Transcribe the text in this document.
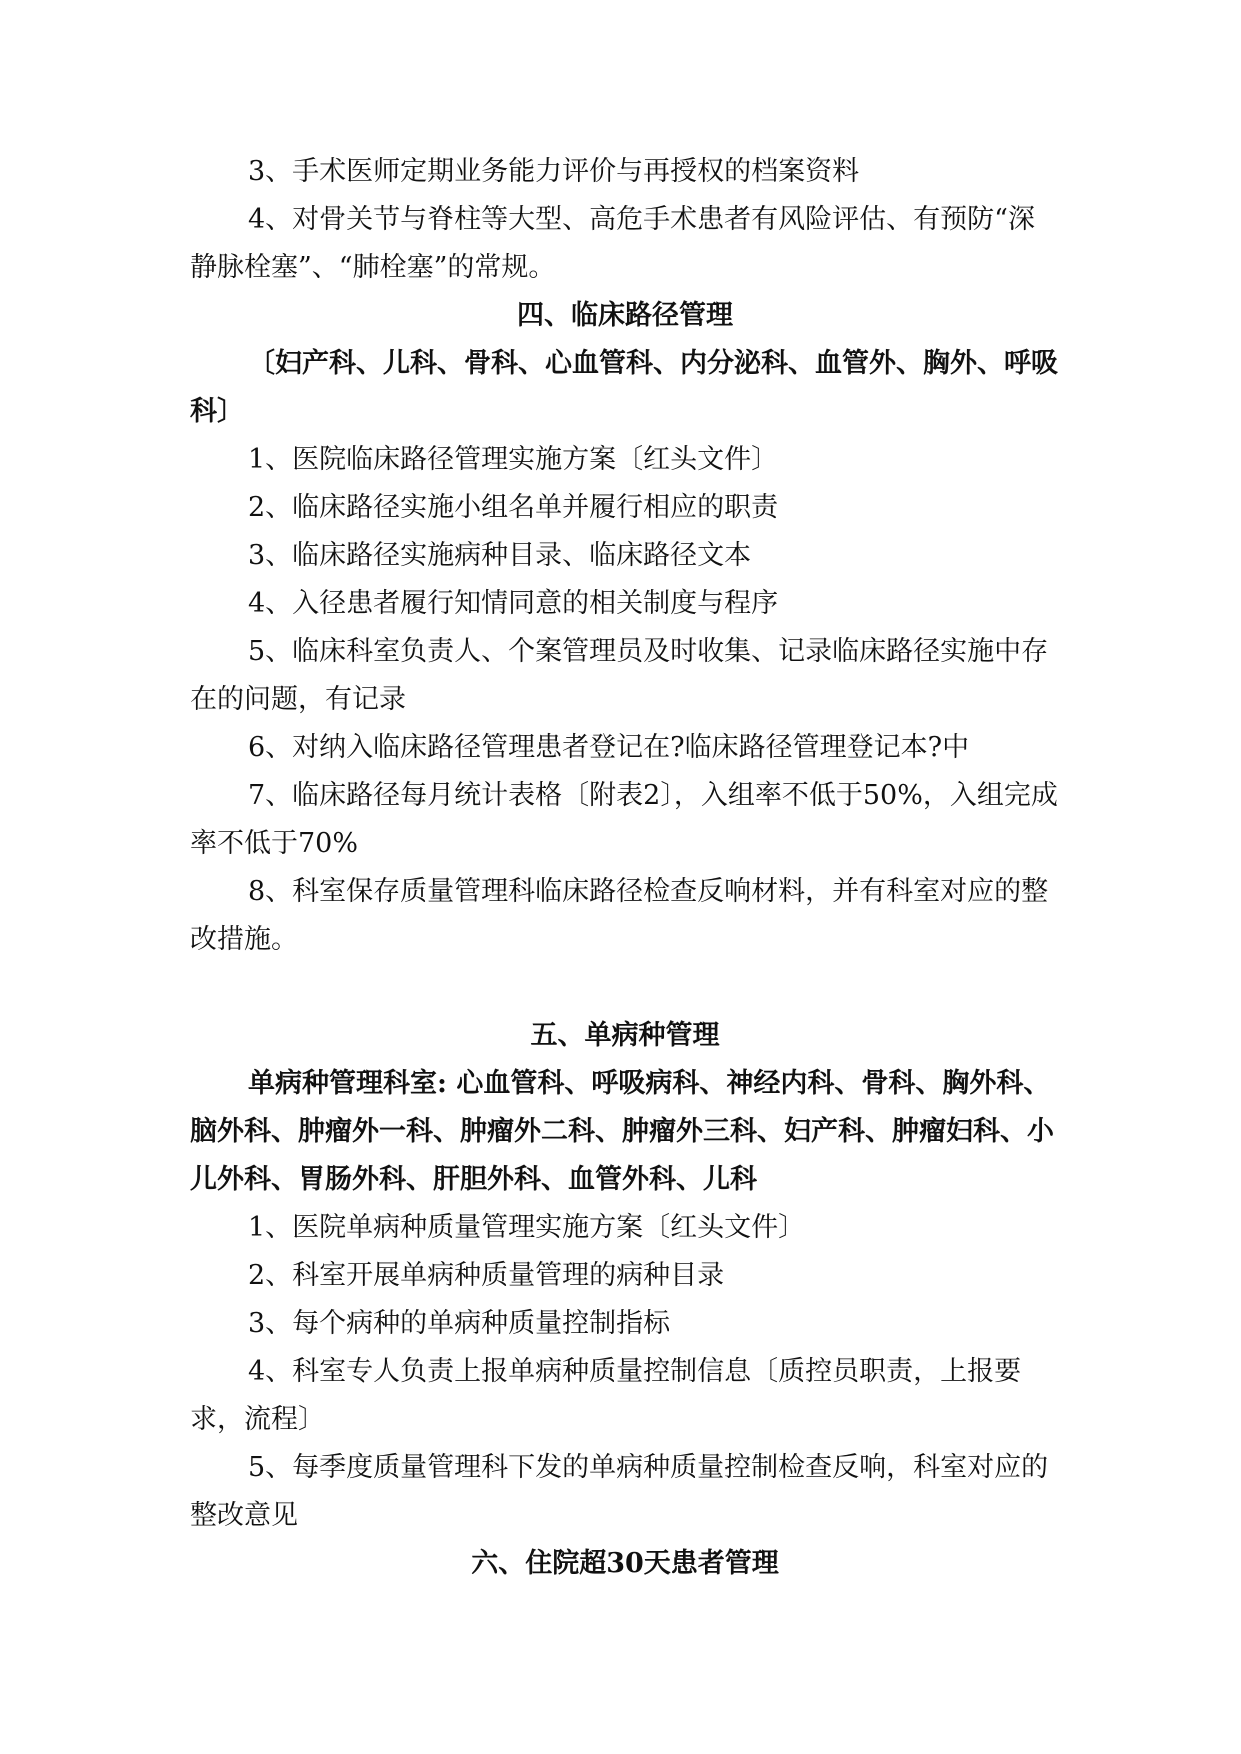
3、手术医师定期业务能力评价与再授权的档案资料

4、对骨关节与脊柱等大型、高危手术患者有风险评估、有预防“深静脉栓塞”、“肺栓塞”的常规。

四、临床路径管理

〔妇产科、儿科、骨科、心血管科、内分泌科、血管外、胸外、呼吸科〕

1、医院临床路径管理实施方案〔红头文件〕

2、临床路径实施小组名单并履行相应的职责

3、临床路径实施病种目录、临床路径文本

4、入径患者履行知情同意的相关制度与程序

5、临床科室负责人、个案管理员及时收集、记录临床路径实施中存在的问题，有记录

6、对纳入临床路径管理患者登记在?临床路径管理登记本?中

7、临床路径每月统计表格〔附表2〕，入组率不低于50%，入组完成率不低于70%

8、科室保存质量管理科临床路径检查反响材料，并有科室对应的整改措施。

五、单病种管理

单病种管理科室: 心血管科、呼吸病科、神经内科、骨科、胸外科、脑外科、肿瘤外一科、肿瘤外二科、肿瘤外三科、妇产科、肿瘤妇科、小儿外科、胃肠外科、肝胆外科、血管外科、儿科

1、医院单病种质量管理实施方案〔红头文件〕

2、科室开展单病种质量管理的病种目录

3、每个病种的单病种质量控制指标

4、科室专人负责上报单病种质量控制信息〔质控员职责，上报要求，流程〕

5、每季度质量管理科下发的单病种质量控制检查反响，科室对应的整改意见

六、住院超30天患者管理
